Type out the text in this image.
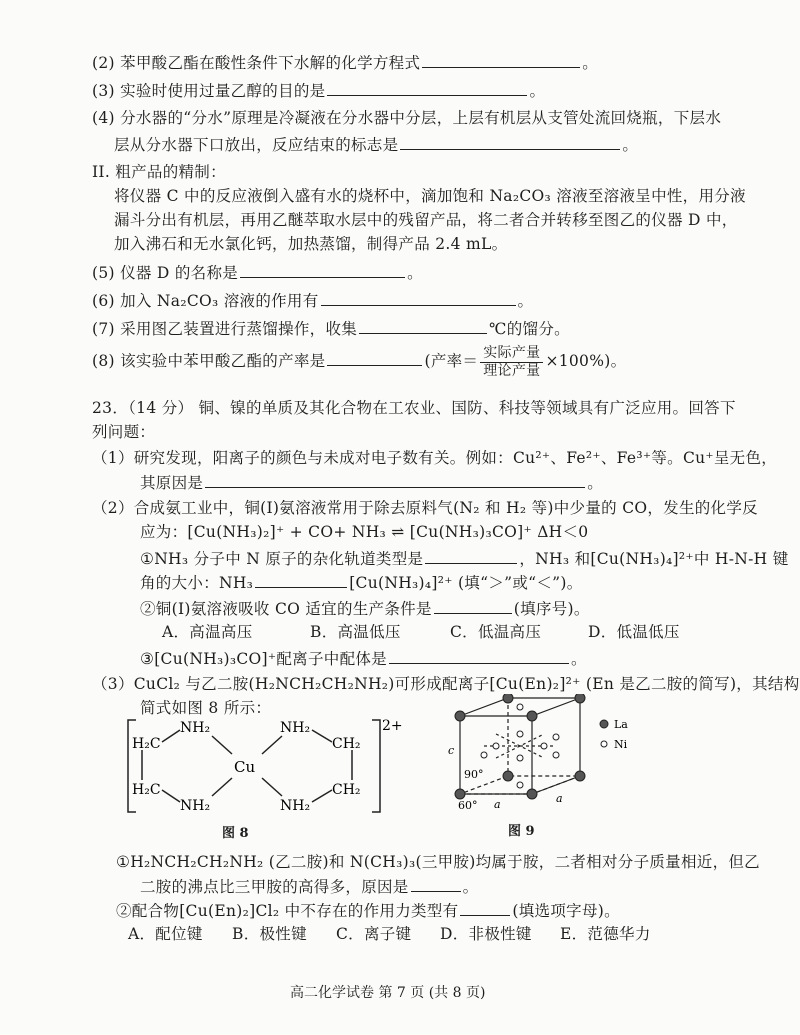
(2) 苯甲酸乙酯在酸性条件下水解的化学方程式	。
(3) 实验时使用过量乙醇的目的是	。
(4) 分水器的“分水”原理是冷凝液在分水器中分层，上层有机层从支管处流回烧瓶，下层水
层从分水器下口放出，反应结束的标志是	。
II. 粗产品的精制：
将仪器 C 中的反应液倒入盛有水的烧杯中，滴加饱和 Na₂CO₃ 溶液至溶液呈中性，用分液
漏斗分出有机层，再用乙醚萃取水层中的残留产品，将二者合并转移至图乙的仪器 D 中，
加入沸石和无水氯化钙，加热蒸馏，制得产品 2.4 mL。
(5) 仪器 D 的名称是	。
(6) 加入 Na₂CO₃ 溶液的作用有	。
(7) 采用图乙装置进行蒸馏操作，收集	℃的馏分。
(8) 该实验中苯甲酸乙酯的产率是	(产率＝ $\frac{\text{实际产量}}{\text{理论产量}} \times 100\%$)。
23．（14 分） 铜、镍的单质及其化合物在工农业、国防、科技等领域具有广泛应用。回答下
列问题：
（1）研究发现，阳离子的颜色与未成对电子数有关。例如：Cu²⁺、Fe²⁺、Fe³⁺等。Cu⁺呈无色，
其原因是	。
（2）合成氨工业中，铜(I)氨溶液常用于除去原料气(N₂ 和 H₂ 等)中少量的 CO，发生的化学反
应为：[Cu(NH₃)₂]⁺ + CO+ NH₃ ⇌ [Cu(NH₃)₃CO]⁺ ΔH＜0
①NH₃ 分子中 N 原子的杂化轨道类型是	，NH₃ 和[Cu(NH₃)₄]²⁺中 H-N-H 键
角的大小：NH₃	[Cu(NH₃)₄]²⁺ (填“＞”或“＜”)。
②铜(I)氨溶液吸收 CO 适宜的生产条件是	(填序号)。
A．高温高压	B．高温低压	C．低温高压	D．低温低压
③[Cu(NH₃)₃CO]⁺配离子中配体是	。
（3）CuCl₂ 与乙二胺(H₂NCH₂CH₂NH₂)可形成配离子[Cu(En)₂]²⁺ (En 是乙二胺的简写)，其结构
简式如图 8 所示：
H₂C
H₂C
NH₂
NH₂
Cu
NH₂
NH₂
CH₂
CH₂
2+
图 8
c
90°
60° a	a
La
Ni
图 9
①H₂NCH₂CH₂NH₂ (乙二胺)和 N(CH₃)₃(三甲胺)均属于胺，二者相对分子质量相近，但乙
二胺的沸点比三甲胺的高得多，原因是	。
②配合物[Cu(En)₂]Cl₂ 中不存在的作用力类型有	(填选项字母)。
A．配位键 B．极性键 C．离子键 D．非极性键 E．范德华力
高二化学试卷 第 7 页 (共 8 页)
